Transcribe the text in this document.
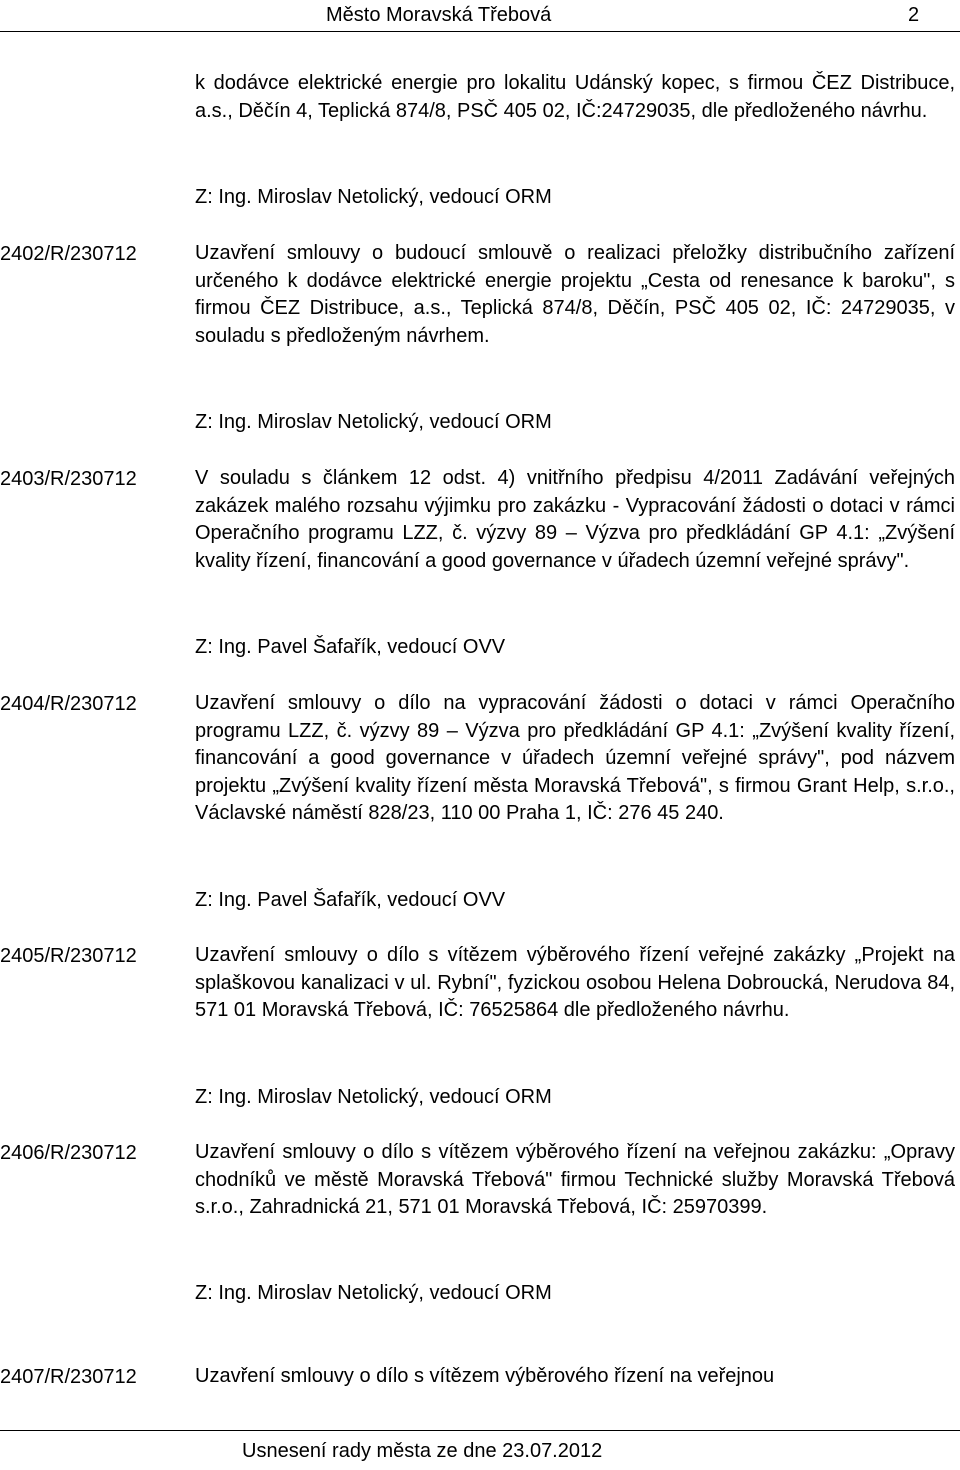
Město Moravská Třebová	2
k dodávce elektrické energie pro lokalitu Udánský kopec, s firmou ČEZ Distribuce, a.s., Děčín 4, Teplická 874/8, PSČ 405 02, IČ:24729035, dle předloženého návrhu.
Z: Ing. Miroslav Netolický, vedoucí ORM
2402/R/230712	Uzavření smlouvy o budoucí smlouvě o realizaci přeložky distribučního zařízení určeného k dodávce elektrické energie projektu „Cesta od renesance k baroku", s firmou ČEZ Distribuce, a.s., Teplická 874/8, Děčín, PSČ 405 02, IČ: 24729035, v souladu s předloženým návrhem.
Z: Ing. Miroslav Netolický, vedoucí ORM
2403/R/230712	V souladu s článkem 12 odst. 4) vnitřního předpisu 4/2011 Zadávání veřejných zakázek malého rozsahu výjimku pro zakázku - Vypracování žádosti o dotaci v rámci Operačního programu LZZ, č. výzvy 89 – Výzva pro předkládání GP 4.1: „Zvýšení kvality řízení, financování a good governance v úřadech územní veřejné správy".
Z: Ing. Pavel Šafařík, vedoucí OVV
2404/R/230712	Uzavření smlouvy o dílo na vypracování žádosti o dotaci v rámci Operačního programu LZZ, č. výzvy 89 – Výzva pro předkládání GP 4.1: „Zvýšení kvality řízení, financování a good governance v úřadech územní veřejné správy", pod názvem projektu „Zvýšení kvality řízení města Moravská Třebová", s firmou Grant Help, s.r.o., Václavské náměstí 828/23, 110 00 Praha 1, IČ: 276 45 240.
Z: Ing. Pavel Šafařík, vedoucí OVV
2405/R/230712	Uzavření smlouvy o dílo s vítězem výběrového řízení veřejné zakázky „Projekt na splaškovou kanalizaci v ul. Rybní", fyzickou osobou Helena Dobroucká, Nerudova 84, 571 01 Moravská Třebová, IČ: 76525864 dle předloženého návrhu.
Z: Ing. Miroslav Netolický, vedoucí ORM
2406/R/230712	Uzavření smlouvy o dílo s vítězem výběrového řízení na veřejnou zakázku: „Opravy chodníků ve městě Moravská Třebová" firmou Technické služby Moravská Třebová s.r.o., Zahradnická 21, 571 01 Moravská Třebová, IČ: 25970399.
Z: Ing. Miroslav Netolický, vedoucí ORM
2407/R/230712	Uzavření smlouvy o dílo s vítězem výběrového řízení na veřejnou
Usnesení rady města ze dne 23.07.2012
